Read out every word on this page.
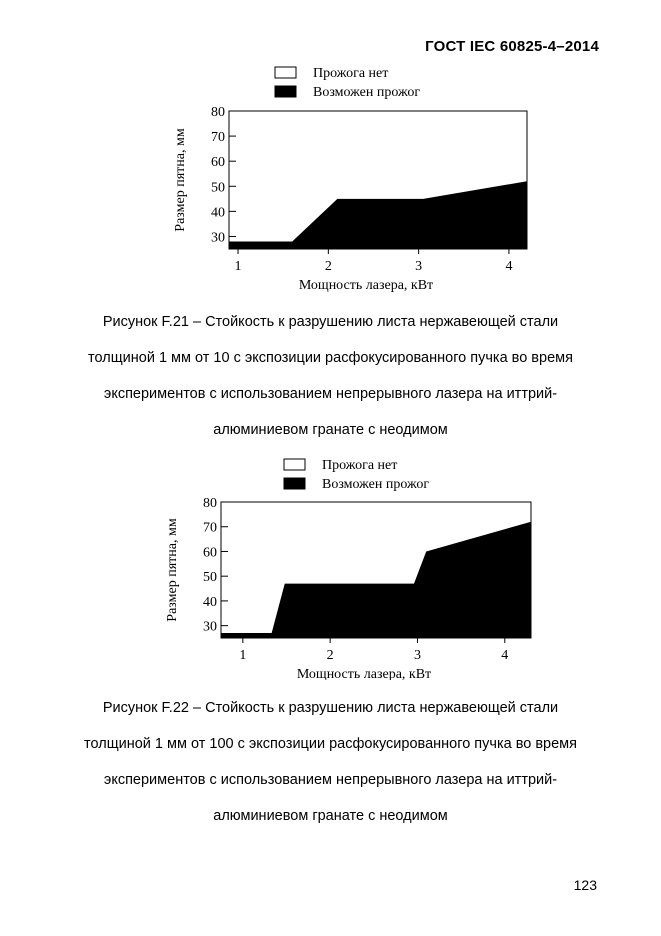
ГОСТ IEC 60825-4–2014
Прожога нет
Возможен прожог
30
40
50
60
70
80
1	2	3	4
Мощность лазера, кВт
Размер пятна, мм
Рисунок F.21 – Стойкость к разрушению листа нержавеющей стали
толщиной 1 мм от 10 с экспозиции расфокусированного пучка во время
экспериментов с использованием непрерывного лазера на иттрий-
алюминиевом гранате с неодимом
Прожога нет
Возможен прожог
30
40
50
60
70
80
1	2	3	4
Мощность лазера, кВт
Размер пятна, мм
Рисунок F.22 – Стойкость к разрушению листа нержавеющей стали
толщиной 1 мм от 100 с экспозиции расфокусированного пучка во время
экспериментов с использованием непрерывного лазера на иттрий-
алюминиевом гранате с неодимом
123
